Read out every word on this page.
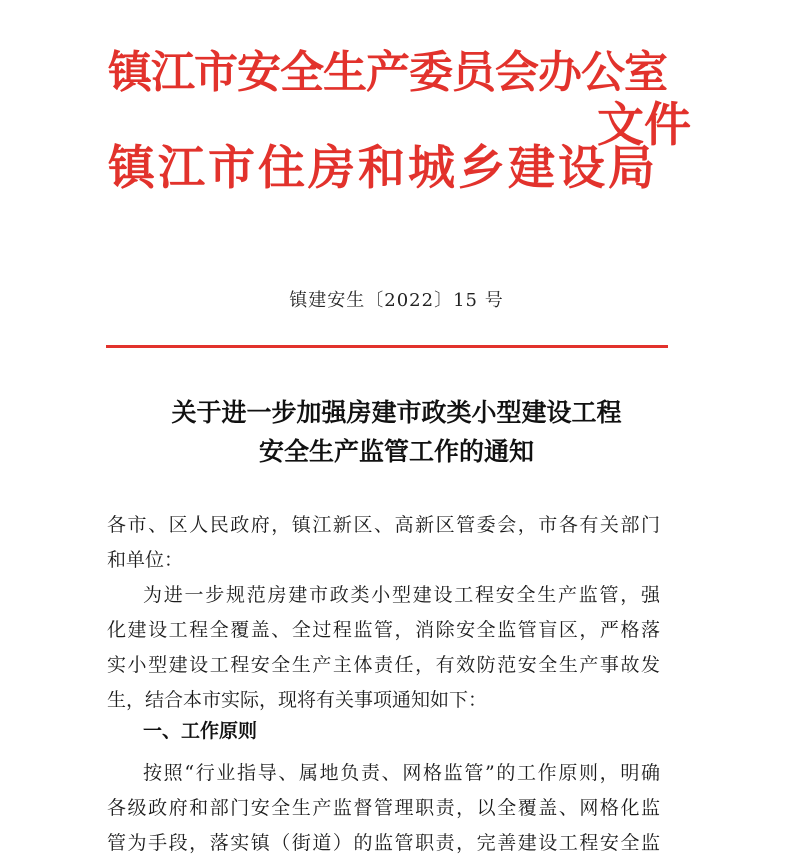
镇江市安全生产委员会办公室
镇江市住房和城乡建设局
文件
镇建安生〔2022〕15 号
关于进一步加强房建市政类小型建设工程
安全生产监管工作的通知
各市、区人民政府，镇江新区、高新区管委会，市各有关部门
和单位：
为进一步规范房建市政类小型建设工程安全生产监管，强
化建设工程全覆盖、全过程监管，消除安全监管盲区，严格落
实小型建设工程安全生产主体责任，有效防范安全生产事故发
生，结合本市实际，现将有关事项通知如下：
一、工作原则
按照“行业指导、属地负责、网格监管”的工作原则，明确
各级政府和部门安全生产监督管理职责，以全覆盖、网格化监
管为手段，落实镇（街道）的监管职责，完善建设工程安全监
